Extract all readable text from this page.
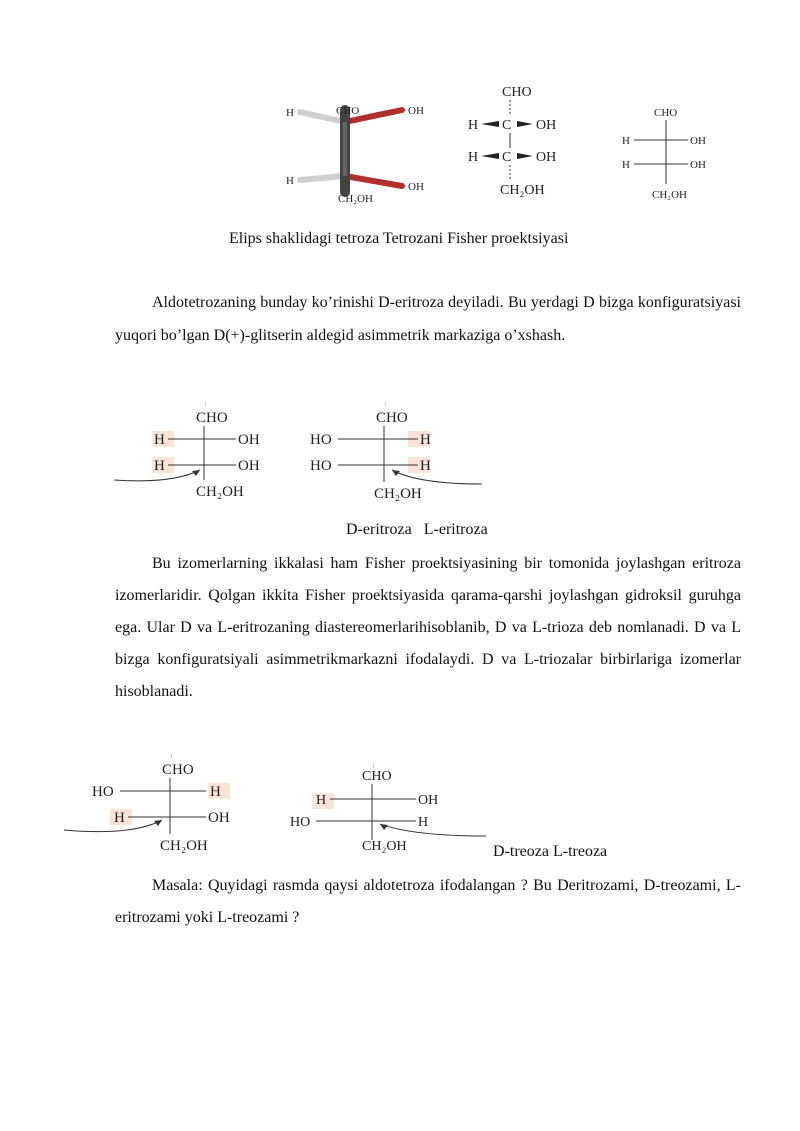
H	CHO	OH
H	OH
CH₂OH
CHO
H C OH
H C OH
CH₂OH
CHO
H	OH
H	OH
CH₂OH
Elips shaklidagi tetroza Tetrozani Fisher proektsiyasi

Aldotetrozaning bunday ko’rinishi D-eritroza deyiladi. Bu yerdagi D bizga konfiguratsiyasi yuqori bo’lgan D(+)-glitserin aldegid asimmetrik markaziga o’xshash.

1
CHO
H	OH
H	OH
CH₂OH
1
CHO
HO	H
HO	H
CH₂OH
D-eritroza   L-eritroza

Bu izomerlarning ikkalasi ham Fisher proektsiyasining bir tomonida joylashgan eritroza izomerlaridir. Qolgan ikkita Fisher proektsiyasida qarama-qarshi joylashgan gidroksil guruhga ega. Ular D va L-eritrozaning diastereomerlarihisoblanib, D va L-trioza deb nomlanadi. D va L bizga konfiguratsiyali asimmetrikmarkazni ifodalaydi. D va L-triozalar birbirlariga izomerlar hisoblanadi.

1
CHO
HO	H
H	OH
CH₂OH
1
CHO
H	OH
HO	H
CH₂OH	D-treoza L-treoza

Masala: Quyidagi rasmda qaysi aldotetroza ifodalangan ? Bu Deritrozami, D-treozami, L-eritrozami yoki L-treozami ?
